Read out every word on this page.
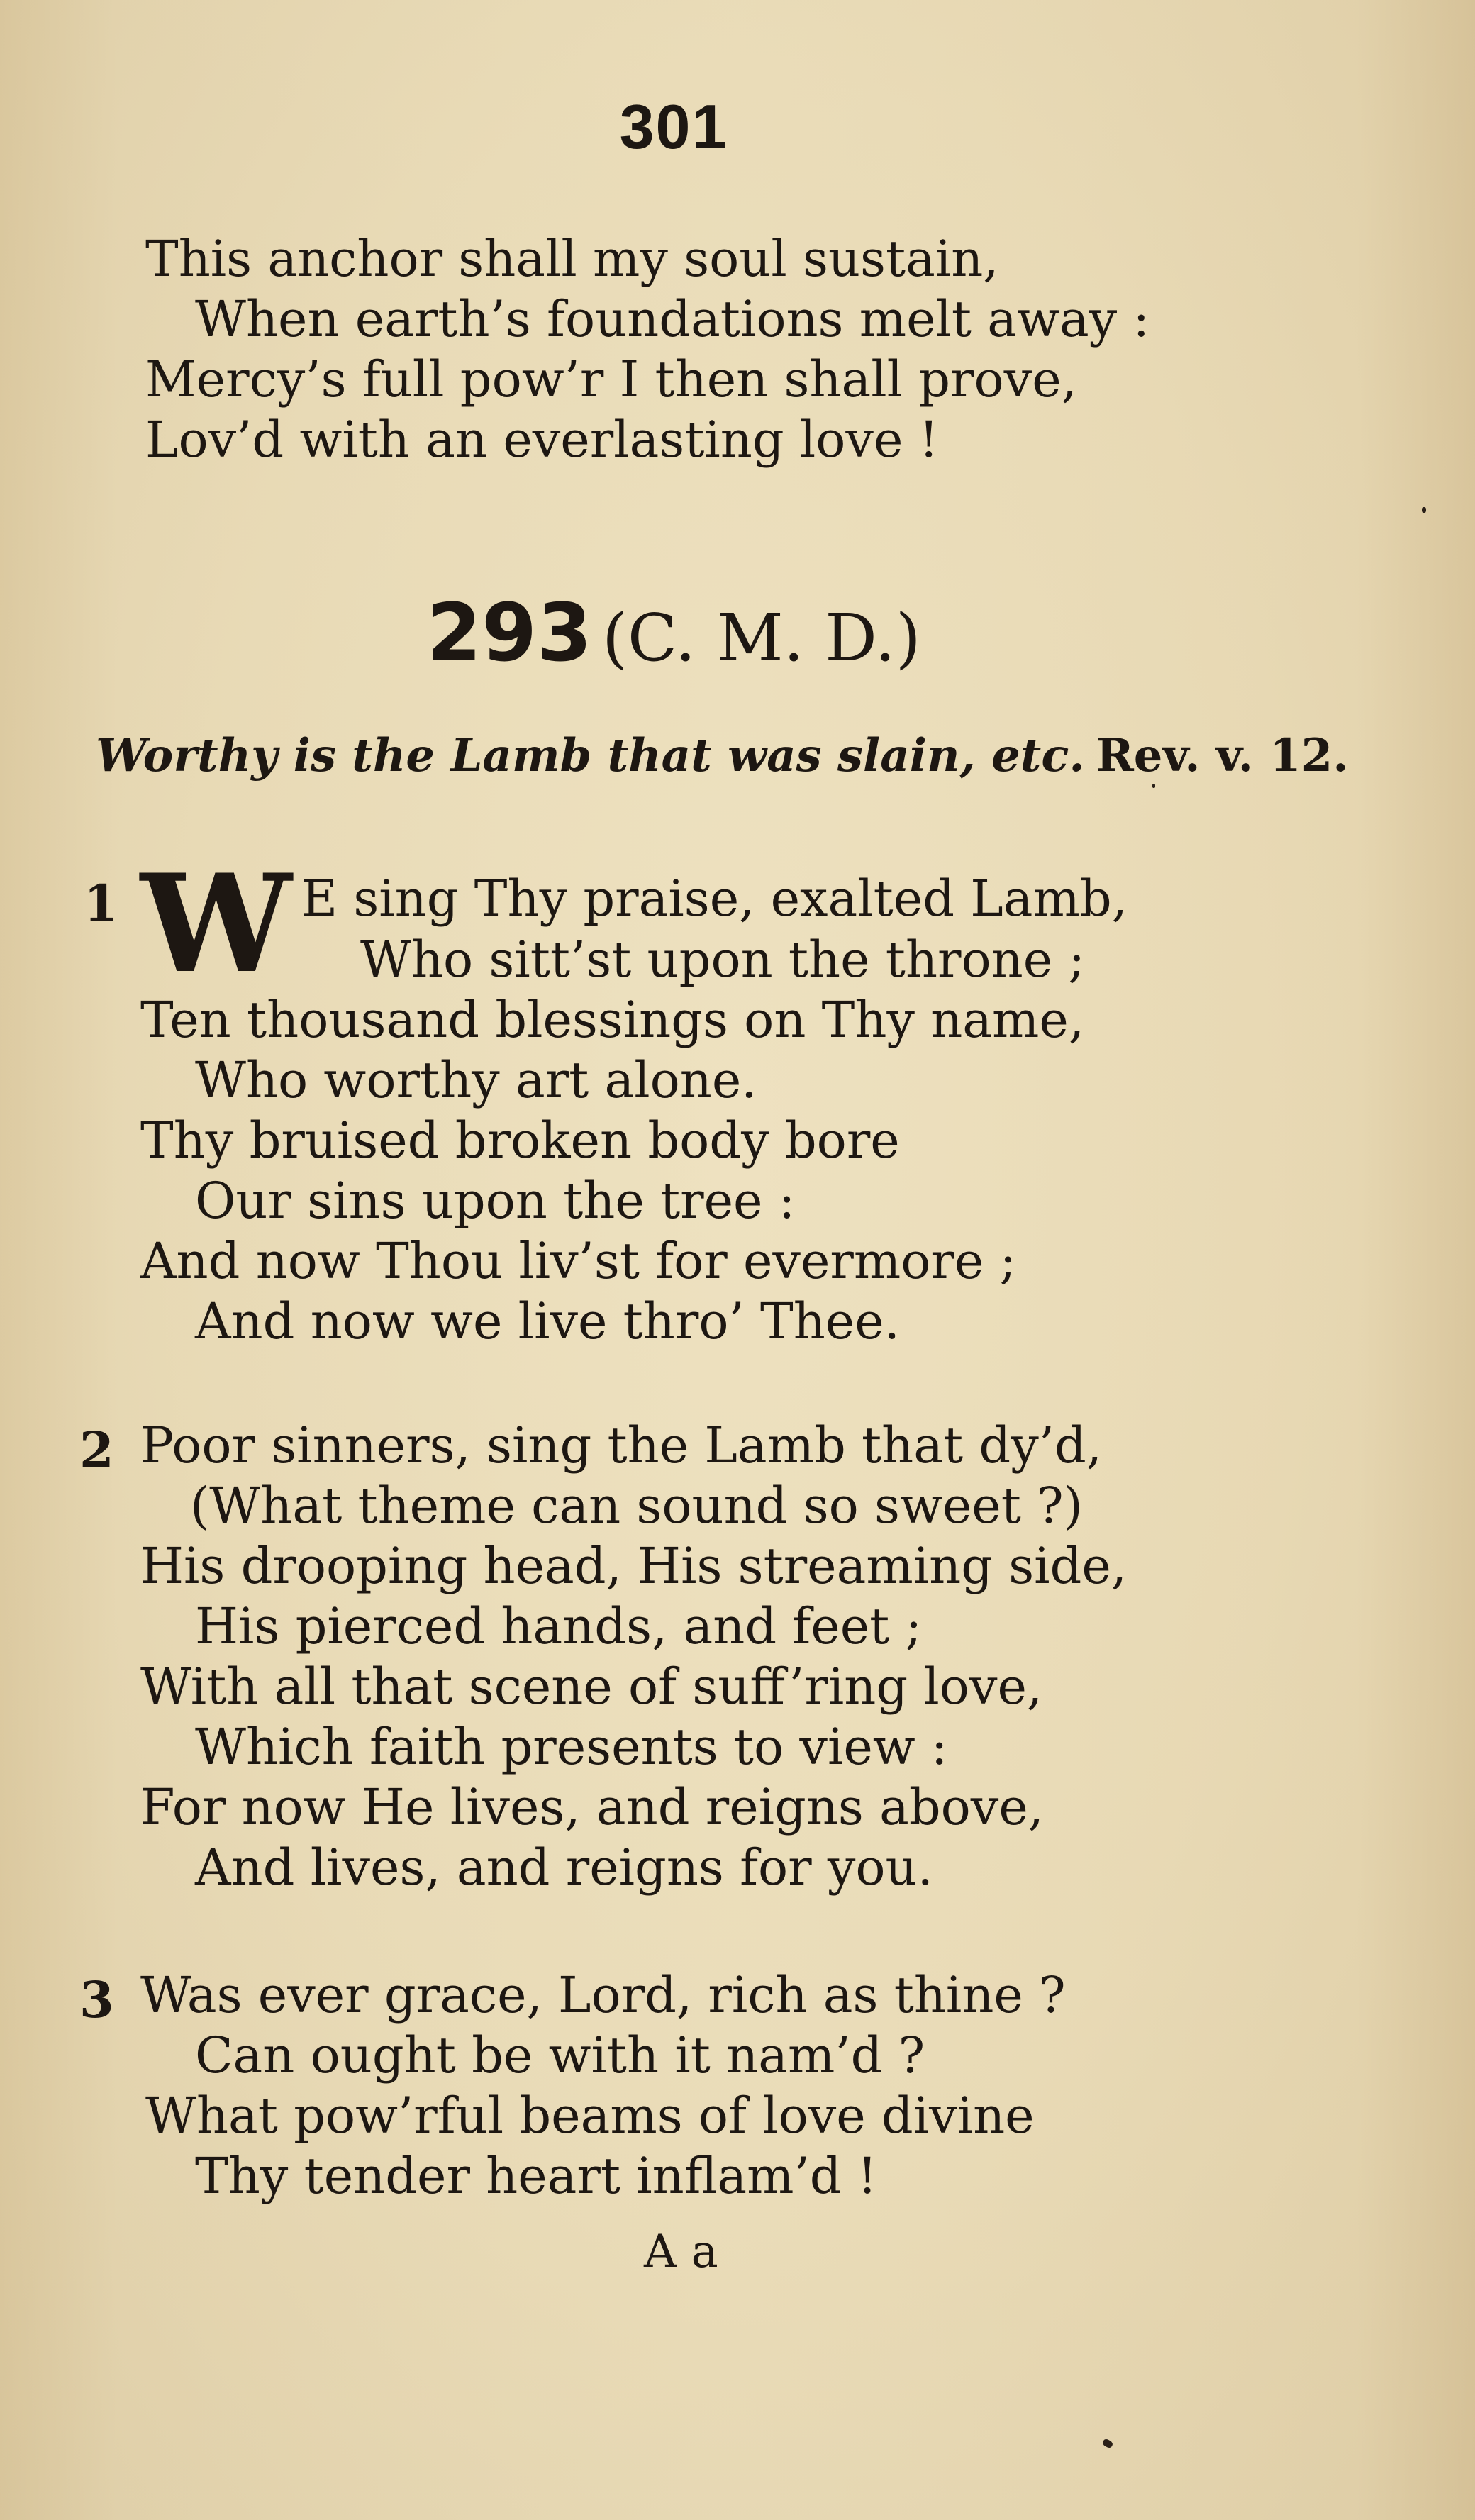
301
This anchor shall my soul sustain,
When earth’s foundations melt away :
Mercy’s full pow’r I then shall prove,
Lov’d with an everlasting love !
293 (C. M. D.)
Worthy is the Lamb that was slain, etc. Rev. v. 12.
1 W E sing Thy praise, exalted Lamb,
Who sitt’st upon the throne ;
Ten thousand blessings on Thy name,
Who worthy art alone.
Thy bruised broken body bore
Our sins upon the tree :
And now Thou liv’st for evermore ;
And now we live thro’ Thee.
2 Poor sinners, sing the Lamb that dy’d,
(What theme can sound so sweet ?)
His drooping head, His streaming side,
His pierced hands, and feet ;
With all that scene of suff’ring love,
Which faith presents to view :
For now He lives, and reigns above,
And lives, and reigns for you.
3 Was ever grace, Lord, rich as thine ?
Can ought be with it nam’d ?
What pow’rful beams of love divine
Thy tender heart inflam’d !
A a
